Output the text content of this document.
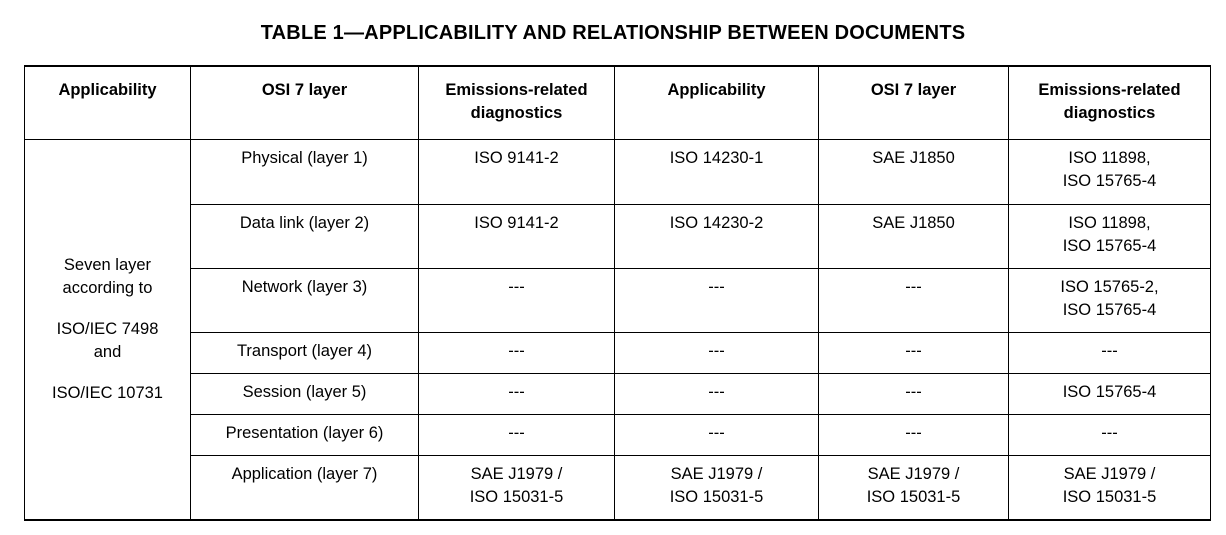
TABLE 1—APPLICABILITY AND RELATIONSHIP BETWEEN DOCUMENTS
Applicability	OSI 7 layer	Emissions-related
diagnostics	Applicability	OSI 7 layer	Emissions-related
diagnostics

Seven layer
according to
ISO/IEC 7498
and
ISO/IEC 10731	Physical (layer 1)	ISO 9141-2	ISO 14230-1	SAE J1850	ISO 11898,
ISO 15765-4

	Data link (layer 2)	ISO 9141-2	ISO 14230-2	SAE J1850	ISO 11898,
ISO 15765-4

	Network (layer 3)	---	---	---	ISO 15765-2,
ISO 15765-4

	Transport (layer 4)	---	---	---	---

	Session (layer 5)	---	---	---	ISO 15765-4

	Presentation (layer 6)	---	---	---	---

	Application (layer 7)	SAE J1979 /
ISO 15031-5	SAE J1979 /
ISO 15031-5	SAE J1979 /
ISO 15031-5	SAE J1979 /
ISO 15031-5
